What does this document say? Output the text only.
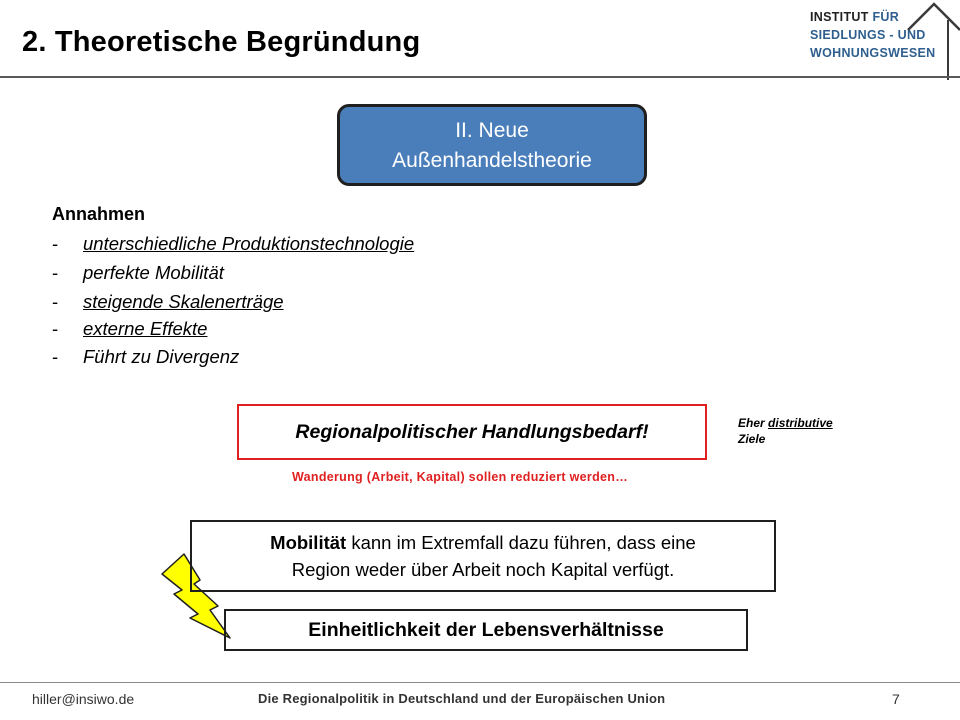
2. Theoretische Begründung
INSTITUT FÜR
SIEDLUNGS - UND
WOHNUNGSWESEN
II. Neue
Außenhandelstheorie
Annahmen
- unterschiedliche Produktionstechnologie
- perfekte Mobilität
- steigende Skalenerträge
- externe Effekte
- Führt zu Divergenz
Regionalpolitischer Handlungsbedarf!	Eher distributive
Ziele
Wanderung (Arbeit, Kapital) sollen reduziert werden…
Mobilität kann im Extremfall dazu führen, dass eine
Region weder über Arbeit noch Kapital verfügt.
Einheitlichkeit der Lebensverhältnisse
hiller@insiwo.de	Die Regionalpolitik in Deutschland und der Europäischen Union	7
